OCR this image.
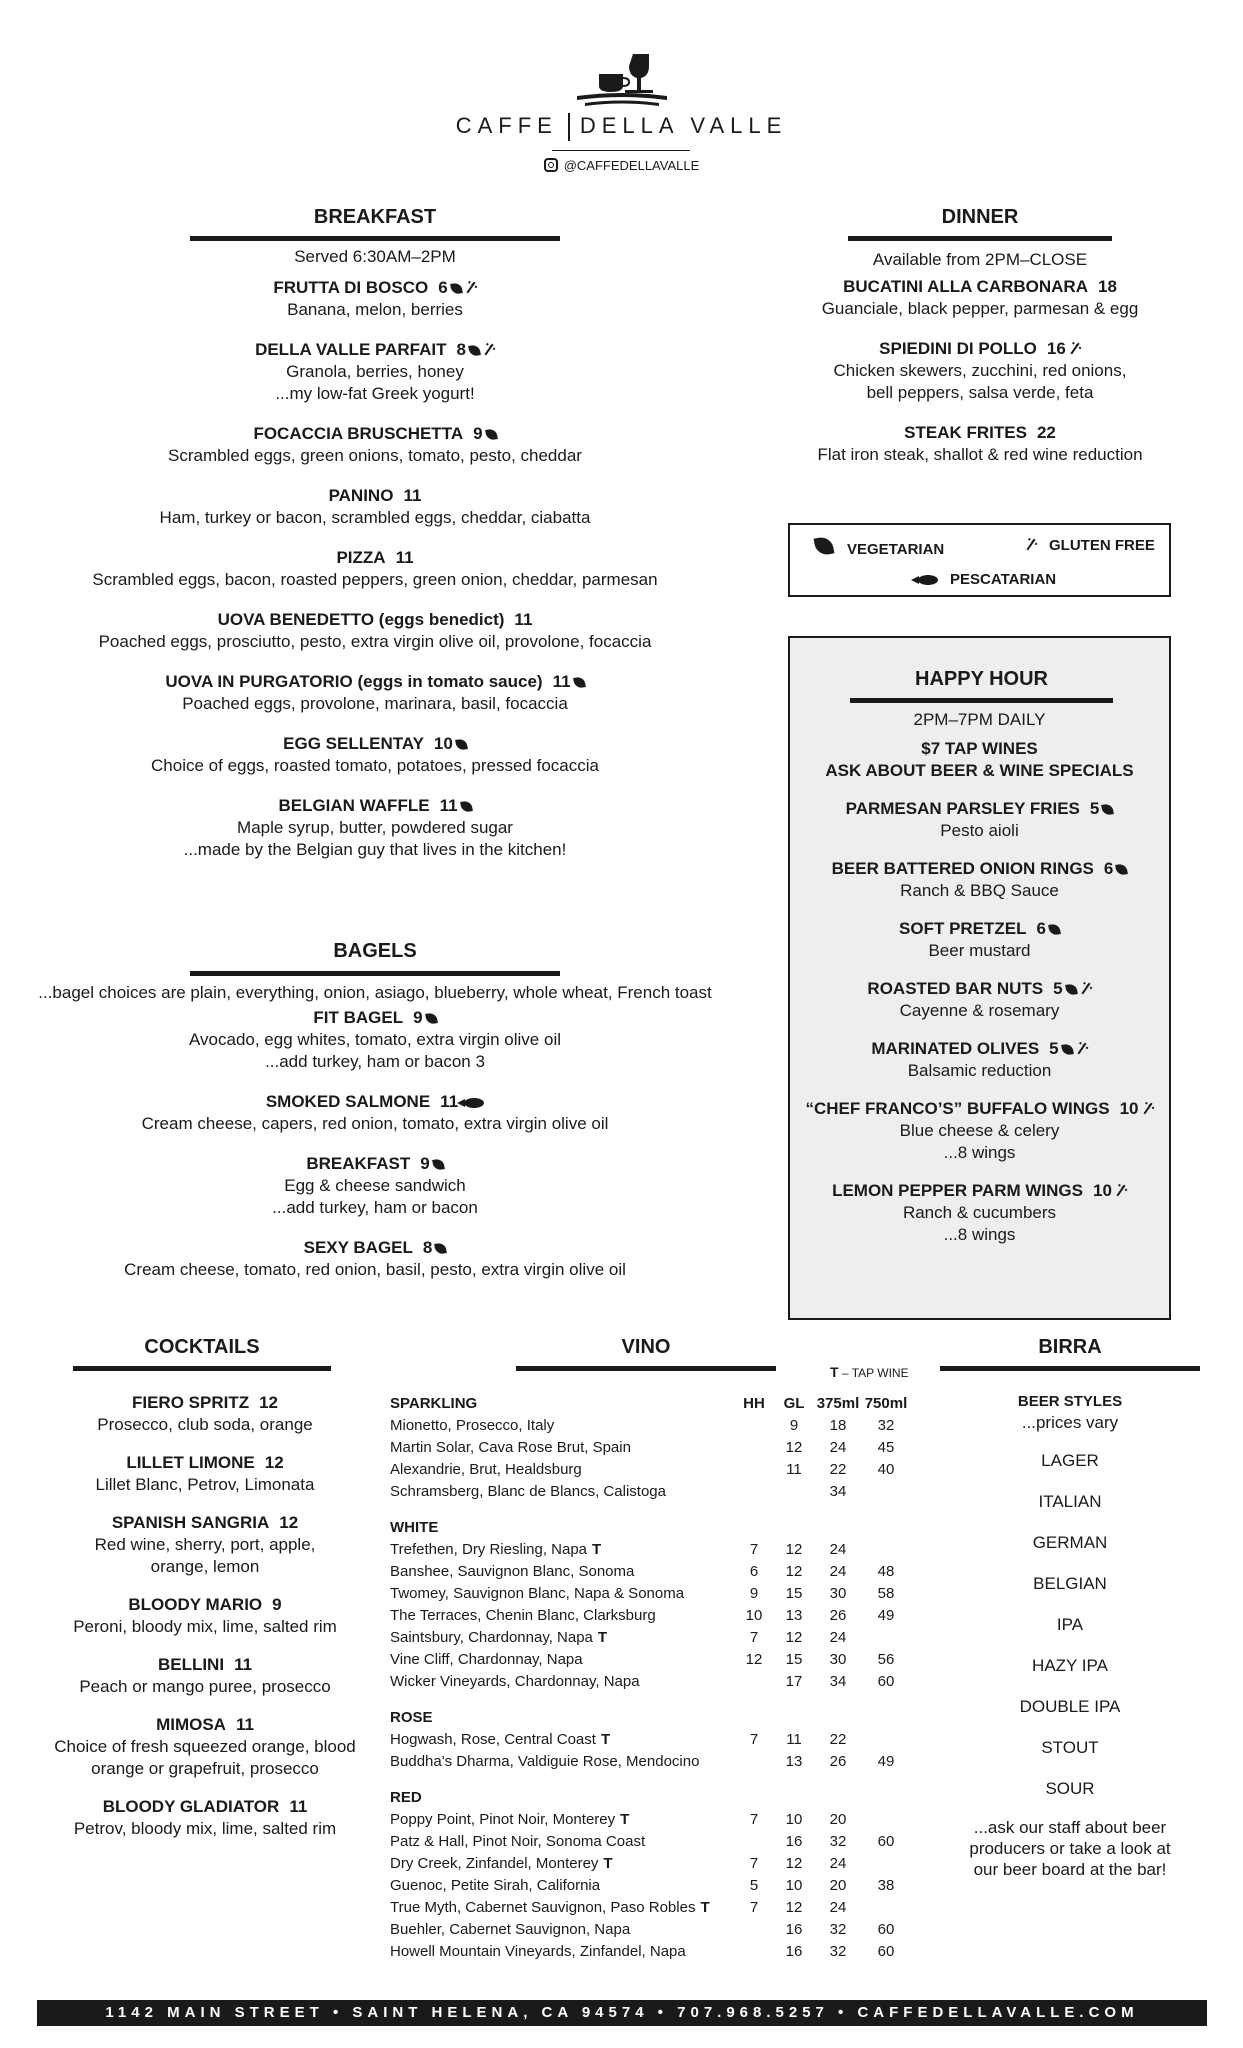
CAFFE DELLA VALLE
@CAFFEDELLAVALLE
BREAKFAST
Served 6:30AM–2PM
FRUTTA DI BOSCO 6
Banana, melon, berries
DELLA VALLE PARFAIT 8
Granola, berries, honey
...my low-fat Greek yogurt!
FOCACCIA BRUSCHETTA 9
Scrambled eggs, green onions, tomato, pesto, cheddar
PANINO 11
Ham, turkey or bacon, scrambled eggs, cheddar, ciabatta
PIZZA 11
Scrambled eggs, bacon, roasted peppers, green onion, cheddar, parmesan
UOVA BENEDETTO (eggs benedict) 11
Poached eggs, prosciutto, pesto, extra virgin olive oil, provolone, focaccia
UOVA IN PURGATORIO (eggs in tomato sauce) 11
Poached eggs, provolone, marinara, basil, focaccia
EGG SELLENTAY 10
Choice of eggs, roasted tomato, potatoes, pressed focaccia
BELGIAN WAFFLE 11
Maple syrup, butter, powdered sugar
...made by the Belgian guy that lives in the kitchen!
BAGELS
...bagel choices are plain, everything, onion, asiago, blueberry, whole wheat, French toast
FIT BAGEL 9
Avocado, egg whites, tomato, extra virgin olive oil
...add turkey, ham or bacon 3
SMOKED SALMONE 11
Cream cheese, capers, red onion, tomato, extra virgin olive oil
BREAKFAST 9
Egg & cheese sandwich
...add turkey, ham or bacon
SEXY BAGEL 8
Cream cheese, tomato, red onion, basil, pesto, extra virgin olive oil
DINNER
Available from 2PM–CLOSE
BUCATINI ALLA CARBONARA 18
Guanciale, black pepper, parmesan & egg
SPIEDINI DI POLLO 16
Chicken skewers, zucchini, red onions,
bell peppers, salsa verde, feta
STEAK FRITES 22
Flat iron steak, shallot & red wine reduction
VEGETARIAN	GLUTEN FREE
PESCATARIAN
HAPPY HOUR
2PM–7PM DAILY
$7 TAP WINES
ASK ABOUT BEER & WINE SPECIALS
PARMESAN PARSLEY FRIES 5
Pesto aioli
BEER BATTERED ONION RINGS 6
Ranch & BBQ Sauce
SOFT PRETZEL 6
Beer mustard
ROASTED BAR NUTS 5
Cayenne & rosemary
MARINATED OLIVES 5
Balsamic reduction
“CHEF FRANCO’S” BUFFALO WINGS 10
Blue cheese & celery
...8 wings
LEMON PEPPER PARM WINGS 10
Ranch & cucumbers
...8 wings
COCKTAILS
FIERO SPRITZ 12
Prosecco, club soda, orange
LILLET LIMONE 12
Lillet Blanc, Petrov, Limonata
SPANISH SANGRIA 12
Red wine, sherry, port, apple,
orange, lemon
BLOODY MARIO 9
Peroni, bloody mix, lime, salted rim
BELLINI 11
Peach or mango puree, prosecco
MIMOSA 11
Choice of fresh squeezed orange, blood
orange or grapefruit, prosecco
BLOODY GLADIATOR 11
Petrov, bloody mix, lime, salted rim
VINO
T – TAP WINE
SPARKLING	HH	GL	375ml	750ml
Mionetto, Prosecco, Italy		9	18	32
Martin Solar, Cava Rose Brut, Spain		12	24	45
Alexandrie, Brut, Healdsburg		11	22	40
Schramsberg, Blanc de Blancs, Calistoga			34	

WHITE				
Trefethen, Dry Riesling, Napa T	7	12	24	
Banshee, Sauvignon Blanc, Sonoma	6	12	24	48
Twomey, Sauvignon Blanc, Napa & Sonoma	9	15	30	58
The Terraces, Chenin Blanc, Clarksburg	10	13	26	49
Saintsbury, Chardonnay, Napa T	7	12	24	
Vine Cliff, Chardonnay, Napa	12	15	30	56
Wicker Vineyards, Chardonnay, Napa		17	34	60

ROSE				
Hogwash, Rose, Central Coast T	7	11	22	
Buddha's Dharma, Valdiguie Rose, Mendocino		13	26	49

RED				
Poppy Point, Pinot Noir, Monterey T	7	10	20	
Patz & Hall, Pinot Noir, Sonoma Coast		16	32	60
Dry Creek, Zinfandel, Monterey T	7	12	24	
Guenoc, Petite Sirah, California	5	10	20	38
True Myth, Cabernet Sauvignon, Paso Robles T	7	12	24	
Buehler, Cabernet Sauvignon, Napa		16	32	60
Howell Mountain Vineyards, Zinfandel, Napa		16	32	60
BIRRA
BEER STYLES
...prices vary
LAGER
ITALIAN
GERMAN
BELGIAN
IPA
HAZY IPA
DOUBLE IPA
STOUT
SOUR
...ask our staff about beer
producers or take a look at
our beer board at the bar!
1142 MAIN STREET • SAINT HELENA, CA 94574 • 707.968.5257 • CAFFEDELLAVALLE.COM
